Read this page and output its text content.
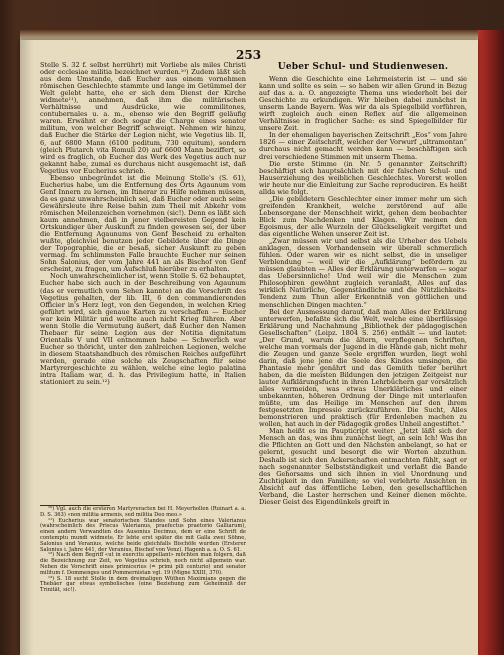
253

Stelle S. 32 f. selbst herrührt) mit Vorliebe als miles Christi oder ecclesiae militia bezeichnet wurden.¹⁰) Zudem läßt sich aus dem Umstande, daß Eucher aus einem vornehmen römischen Geschlechte stammte und lange im Getümmel der Welt gelebt hatte, ehe er sich dem Dienst der Kirche widmete¹¹), annehmen, daß ihm die militärischen Verhältnisse und Ausdrücke, wie commilitones, contubernales u. a. m., ebenso wie den Begriff geläufig waren. Erwähnt er doch sogar die Charge eines senator militum, von welcher Begriff schweigt. Nehmen wir hinzu, daß Eucher die Stärke der Legion nicht, wie Vegetius lib. II, 6, auf 6800 Mann (6100 peditum, 730 equitum), sondern (gleich Plutarch vita Romuli 20) auf 6600 Mann beziffert, so wird es fraglich, ob Eucher das Werk des Vegetius auch nur gekannt habe, zumal es durchaus nicht ausgemacht ist, daß Vegetius vor Eucherius schrieb.

Ebenso unbegründet ist die Meinung Stolle's (S. 61), Eucherius habe, um die Entfernung des Orts Agaunum vom Genf Innern zu lernen, im Itinerar zu Hilfe nehmen müssen, da es ganz unwahrscheinlich sei, daß Eucher oder auch seine Gewährsleute ihre Reise bahin zum Theil mit Abkehr vom römischen Meilenzeichen vornehmen (sic!). Denn es läßt sich kaum annehmen, daß in jener vielbereisten Gegend kein Ortskundiger über Auskunft zu finden gewesen sei, der über die Entfernung Agaunums von Genf Bescheid zu erhalten wußte, gleichviel benutzen jeder Gebildete über die Dinge der Topographie, die er besaß, sicher Auskunft zu geben vermag. Im schlimmsten Falle brauchte Eucher nur seinen Sohn Salonius, der vom Jahre 441 an als Bischof von Genf erscheint, zu fragen, um Aufschluß hierüber zu erhalten.

Noch unwahrscheinlicher ist, wenn Stolle S. 62 behauptet, Eucher habe sich auch in der Beschreibung von Agaunum (das er vermutlich vom Sehen kannte) an die Vorschrift des Vegetius gehalten, der lib. III, 6 den commandierenden Officier in's Herz legt, von den Gegenden, in welchen Krieg geführt wird, sich genaue Karten zu verschaffen — Eucher war kein Militär und wollte auch nicht Krieg führen. Aber wenn Stolle die Vermutung äußert, daß Eucher den Namen Thebaer für seine Legion aus der Notitia dignitatum Orientalis V und VII entnommen habe — Schwerlich war Eucher so thöricht, unter den zahlreichen Legionen, welche in diesem Staatshandbuch des römischen Reiches aufgeführt werden, gerade eine solche als Zeugschaften für seine Martyrergeschichte zu wählen, welche eine legio palatina intra Italiam war, d. h. das Privilegium hatte, in Italien stationiert zu sein.¹²)

¹⁰) Vgl. auch die ersteren Martyreracten bei H. Meyerhollen (Ruinart a. a. D. S. 363) «non militia armenis, sed militia Deo meo.»

¹¹) Eucherius war senatorischen Standes und Sohn eines Valerianus (wahrscheinlich des Priscus Valerianus, praefectus praetorio Galliarum), einen andern Verwandten des Ausonius Decimus, dem er eine Schrift de contemptu mundi widmete. Er lebte erst später die mit Galla zwei Söhne, Salonius und Veranius, welche beide gleichfalls Bischöfe wurden (Ersterer Salonius i. Jahre 441, der Veranius, Bischof von Venz). Hagenb a. a. O. S. 61.

¹²) Nach dem Begriff «ut in exercitu appellant» möchten man folgern, daß die Bezeichnung zur Zeit, wo Vegetius schrieb, noch nicht allgemein war. Neben die Vorschrift eines primicerius (= primi pili centurio) und senator militum f. Dommenges und Pommernistan vgl. 19 (Migne XXIII, 370).

¹³) S. 18 sucht Stolle in dem dreimaligen Wüthen Maximians gegen die Thebäer gar etwas symbolisches (eine Beziehung zum Geheimniß der Trinität, sic!).

Ueber Schul- und Studienwesen.

Wenn die Geschichte eine Lehrmeisterin ist — und sie kann und sollte es sein — so haben wir allen Grund in Bezug auf das a. a. O. angezeigte Thema uns wiederholt bei der Geschichte zu erkundigen. Wir bleiben dabei zunächst in unserm Lande Bayern. Was wir da als Spiegelbild vorführen, wirft zugleich auch einen Reflex auf die allgemeinen Verhältnisse in fraglicher Sache: es sind Spiegelbilder für unsere Zeit.

In der ehemaligen bayerischen Zeitschrift „Eos“ vom Jahre 1826 — einer Zeitschrift, welcher der Vorwurf „ultramontan“ durchaus nicht gemacht werden kann — beschäftigen sich drei verschiedene Stimmen mit unserm Thema.

Die erste Stimme (in Nr. 5 genannter Zeitschrift) beschäftigt sich hauptsächlich mit der falschen Schul- und Hauserziehung des weiblichen Geschlechtes. Vorerst wollen wir heute nur die Einleitung zur Sache reproduciren. Es heißt allda wie folgt.

„Die gebildetern Geschlechter einer immer mehr um sich greifenden Krankheit, welche zerstörend auf alle Lebensorgane der Menschheit wirkt, gehen dem beobachter Blick zum Nachdenken und Klagen. Wir meinen den Egoismus, der alle Wurzeln der Glückseligkeit vergiftet und das eigentliche Wehen unserer Zeit ist.

„Zwar müssen wir und selbst als die Urheber des Uebels anklagen, dessen Vorhandensein wir überall schmerzlich fühlen. Oder waren wir es nicht selbst, die in unseliger Verblendung — weil wir die „Aufklärung“ befördern zu müssen glaubten — Alles der Erklärung unterwarfen — sogar das Uebersinnliche! Und weil wir die Menschen zum Philosophiren gewöhnt zugleich veranlaßt, Alles auf das wirklich Natürliche, Gegenständliche und die Nützlichkeits-Tendenz zum Thun aller Erkenntniß von göttlichen und menschlichen Dingen machten.“

Bei der Ausmessung darauf, daß man Alles der Erklärung unterwerfen, befaßte sich die Welt, welche eine überflüssige Erklärung und Nachahmung „Bibliothek der pädagogischen Gesellschaften“ (Leipz. 1804 S. 256) enthält — und lautet: „Der Grund, warum die ältern, verpflegenen Schriften, welche man vormals der Jugend in die Hände gab, nicht mehr die Zeugen und ganze Seele ergriffen wurden, liegt wohl darin, daß jene jene die Seele des Kindes umsingen, die Phantasie mehr genährt und das Gemüth tiefer berührt haben, da die meisten Bildungen den jetzigen Zeitgeist nur lauter Aufklärungsfucht in ihren Lehrbüchern gar vorsätzlich alles vermeiden, was etwas Unerklärliches und einer unbekannten, höheren Ordnung der Dinge mit unterlaufen müßte, um das Heilige im Menschen auf den ihrem festgesetzten Impressio zurückzuführen. Die Sucht, Alles bemonstrieren und praktisch (für Erdenleben machen zu wollen, hat auch in der Pädagogik großes Unheil angestiftet.“

Man heißt es im Paupticript weiter: „Jetzt läßt sich der Mensch an das, was ihm zunächst liegt, an sein Ich! Was ihn die Pflichten an Gott und den Nächsten anbelangt, so hat er gelernt, gesucht und besorgt die wir Worten abzuthun. Deshalb ist sich den Ackerschaften entmachten fühlt, sagt er nach sogenannter Selbstständigkeit und verlaßt die Bande des Gehorsams und sich ihnen in viel Unordnung und Zuchtigkeit in den Familien; so viel verlehrte Ansichten in Absicht auf das öffentliche Leben, den gesellschaftlichen Verband, die Laster herrschen und Keiner dienen möchte. Dieser Geist des Eigendünkels greift in
